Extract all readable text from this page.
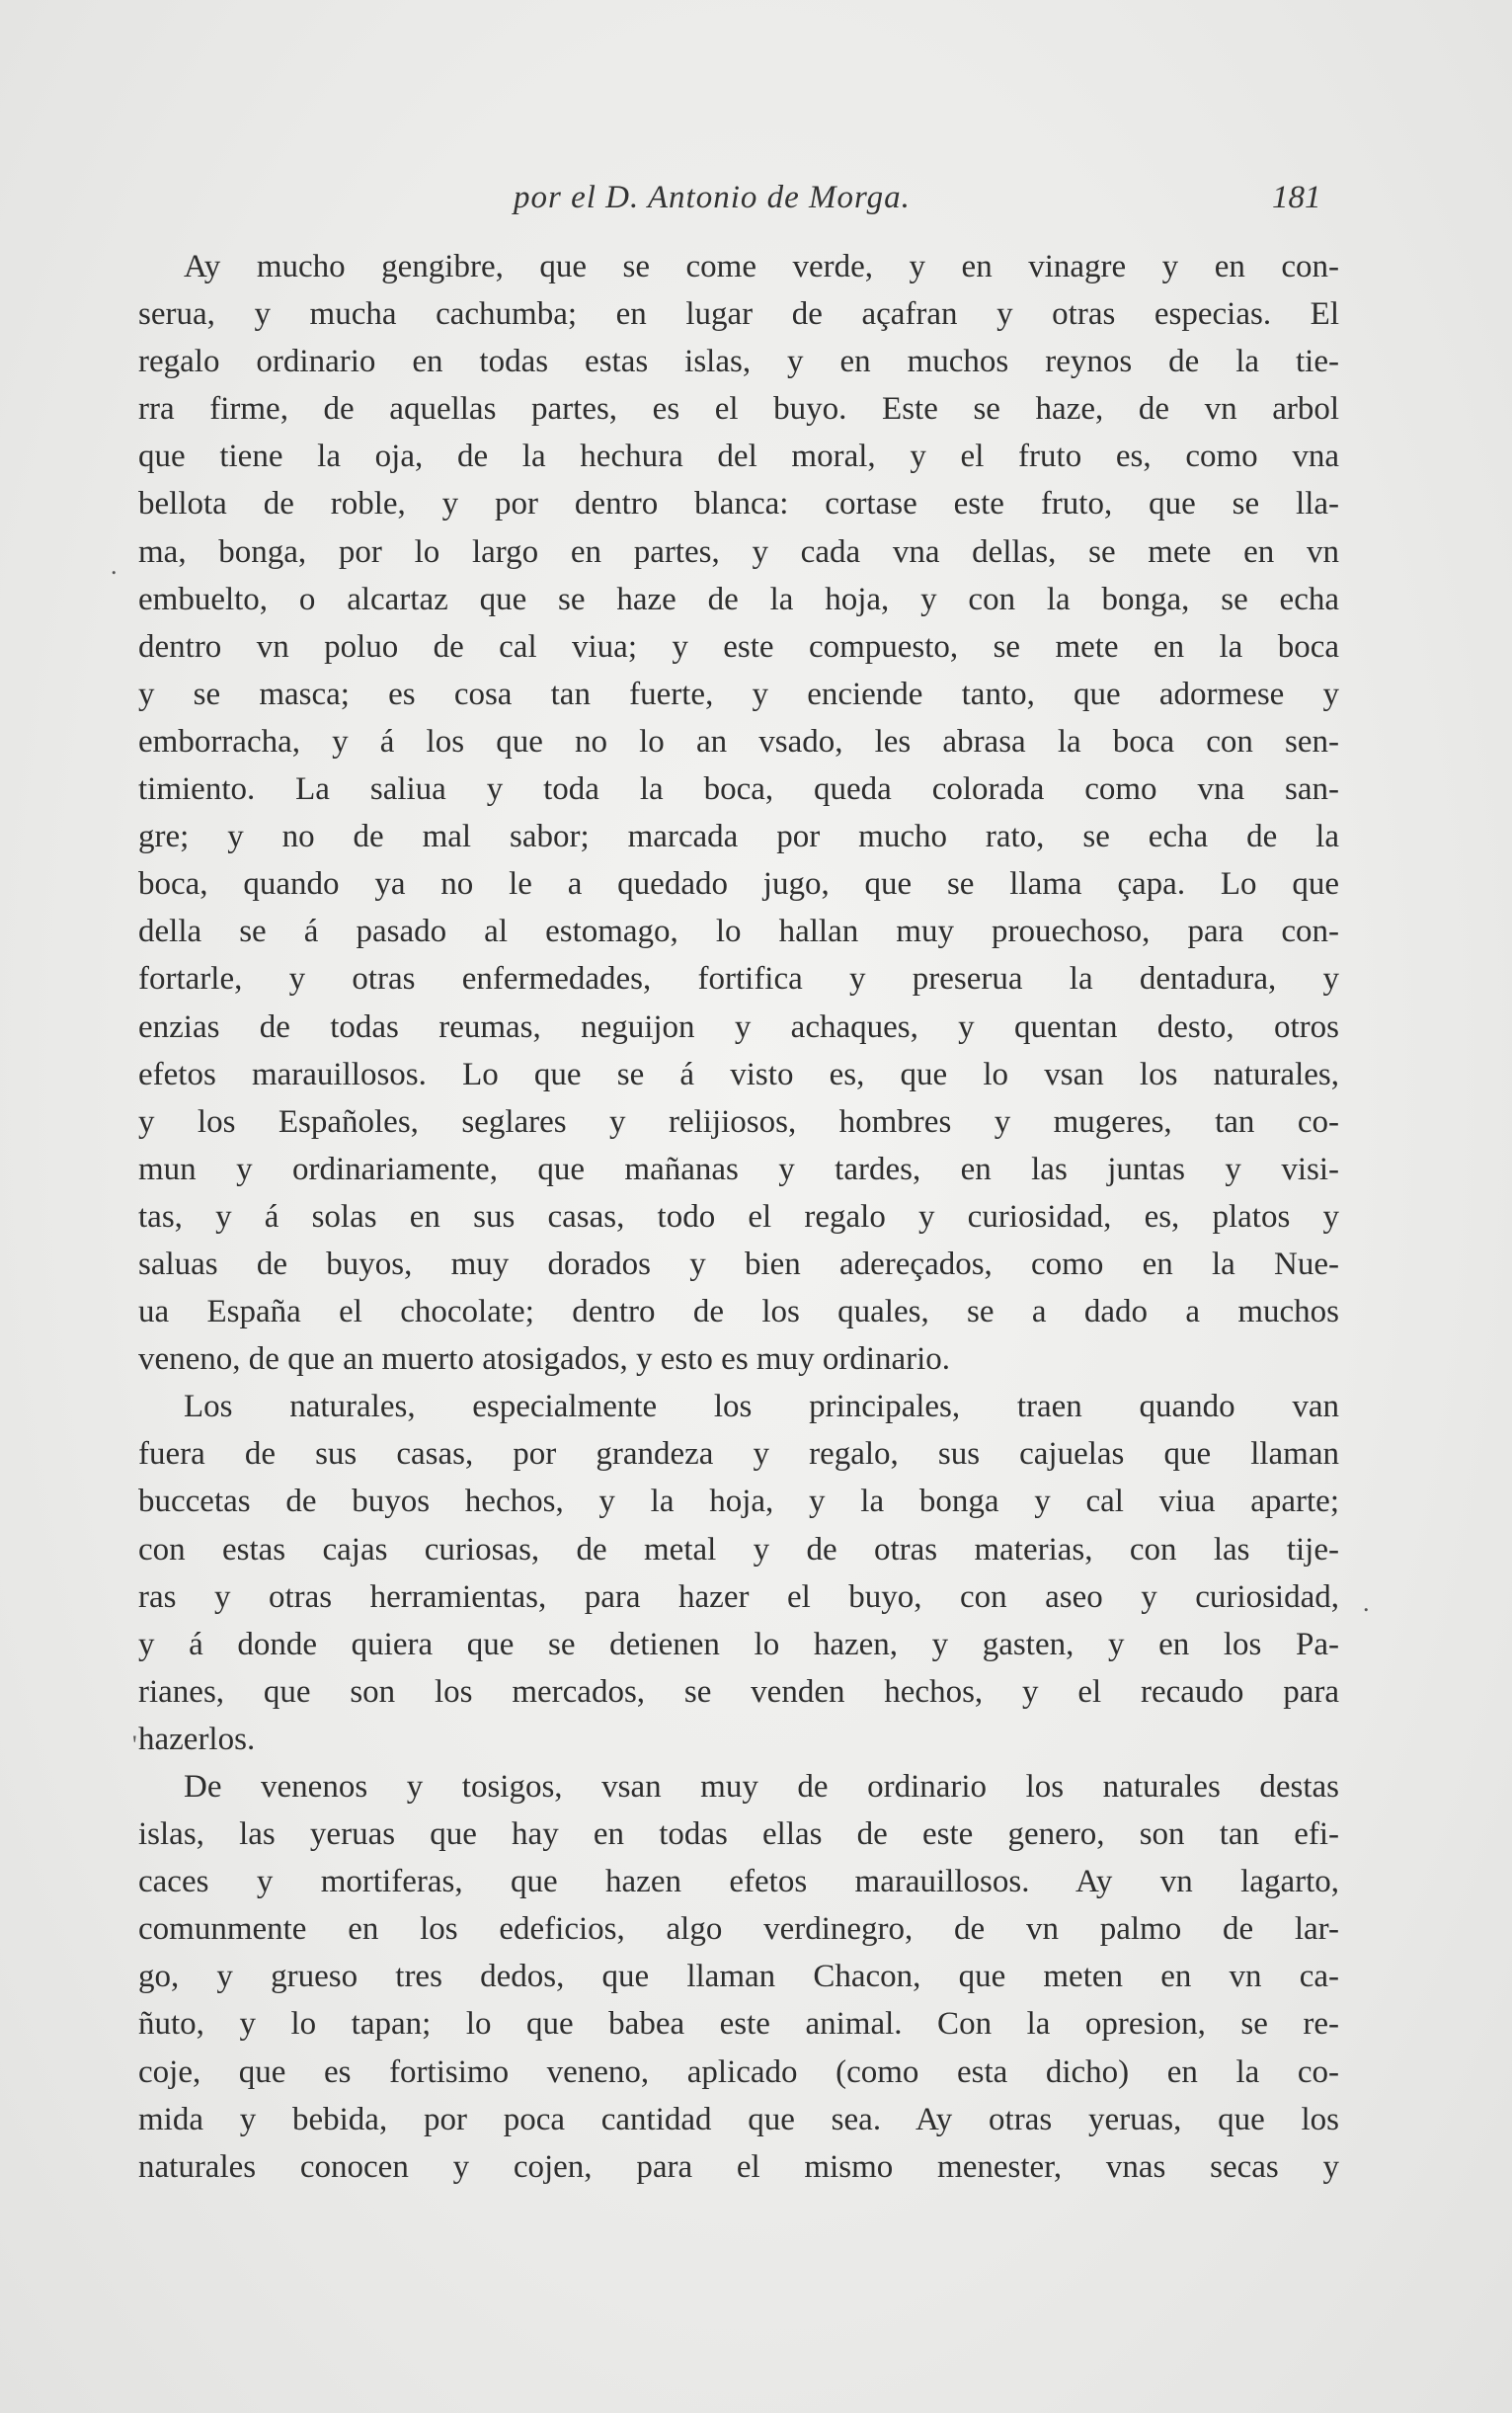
por el D. Antonio de Morga.	181
.
.
'
Ay mucho gengibre, que se come verde, y en vinagre y en con-
serua, y mucha cachumba; en lugar de açafran y otras especias. El
regalo ordinario en todas estas islas, y en muchos reynos de la tie-
rra firme, de aquellas partes, es el buyo. Este se haze, de vn arbol
que tiene la oja, de la hechura del moral, y el fruto es, como vna
bellota de roble, y por dentro blanca: cortase este fruto, que se lla-
ma, bonga, por lo largo en partes, y cada vna dellas, se mete en vn
embuelto, o alcartaz que se haze de la hoja, y con la bonga, se echa
dentro vn poluo de cal viua; y este compuesto, se mete en la boca
y se masca; es cosa tan fuerte, y enciende tanto, que adormese y
emborracha, y á los que no lo an vsado, les abrasa la boca con sen-
timiento. La saliua y toda la boca, queda colorada como vna san-
gre; y no de mal sabor; marcada por mucho rato, se echa de la
boca, quando ya no le a quedado jugo, que se llama çapa. Lo que
della se á pasado al estomago, lo hallan muy prouechoso, para con-
fortarle, y otras enfermedades, fortifica y preserua la dentadura, y
enzias de todas reumas, neguijon y achaques, y quentan desto, otros
efetos marauillosos. Lo que se á visto es, que lo vsan los naturales,
y los Españoles, seglares y relijiosos, hombres y mugeres, tan co-
mun y ordinariamente, que mañanas y tardes, en las juntas y visi-
tas, y á solas en sus casas, todo el regalo y curiosidad, es, platos y
saluas de buyos, muy dorados y bien adereçados, como en la Nue-
ua España el chocolate; dentro de los quales, se a dado a muchos
veneno, de que an muerto atosigados, y esto es muy ordinario.
Los naturales, especialmente los principales, traen quando van
fuera de sus casas, por grandeza y regalo, sus cajuelas que llaman
buccetas de buyos hechos, y la hoja, y la bonga y cal viua aparte;
con estas cajas curiosas, de metal y de otras materias, con las tije-
ras y otras herramientas, para hazer el buyo, con aseo y curiosidad,
y á donde quiera que se detienen lo hazen, y gasten, y en los Pa-
rianes, que son los mercados, se venden hechos, y el recaudo para
hazerlos.
De venenos y tosigos, vsan muy de ordinario los naturales destas
islas, las yeruas que hay en todas ellas de este genero, son tan efi-
caces y mortiferas, que hazen efetos marauillosos. Ay vn lagarto,
comunmente en los edeficios, algo verdinegro, de vn palmo de lar-
go, y grueso tres dedos, que llaman Chacon, que meten en vn ca-
ñuto, y lo tapan; lo que babea este animal. Con la opresion, se re-
coje, que es fortisimo veneno, aplicado (como esta dicho) en la co-
mida y bebida, por poca cantidad que sea. Ay otras yeruas, que los
naturales conocen y cojen, para el mismo menester, vnas secas y
